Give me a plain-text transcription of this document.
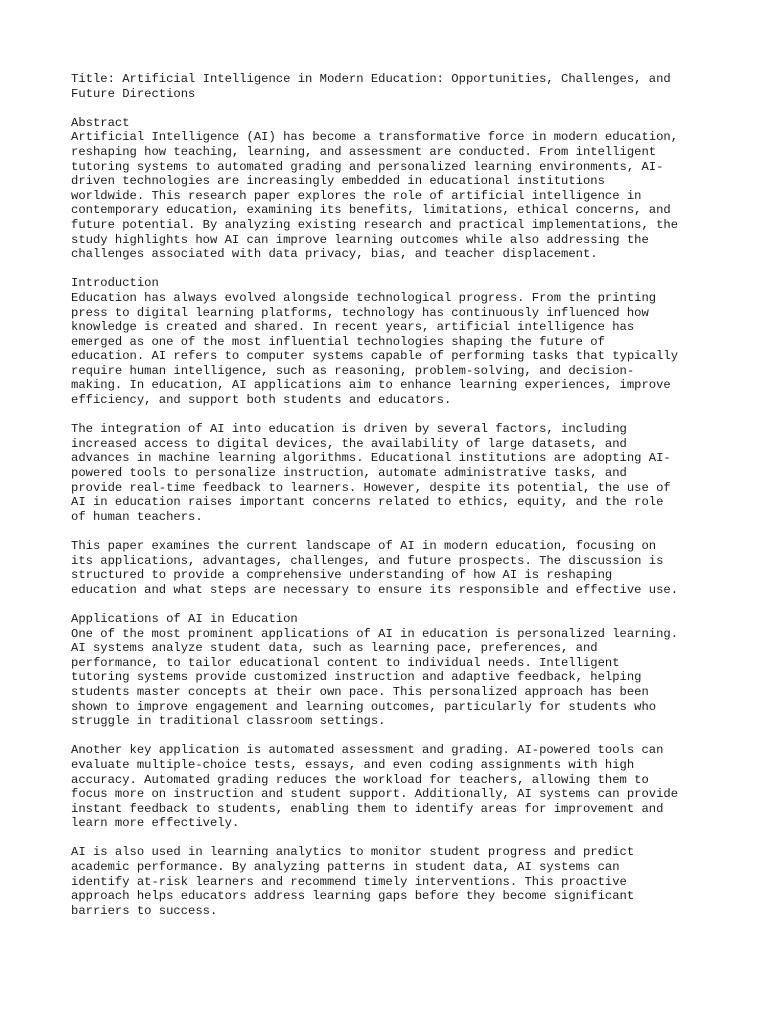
Title: Artificial Intelligence in Modern Education: Opportunities, Challenges, and
Future Directions
Abstract
Artificial Intelligence (AI) has become a transformative force in modern education,
reshaping how teaching, learning, and assessment are conducted. From intelligent
tutoring systems to automated grading and personalized learning environments, AI-
driven technologies are increasingly embedded in educational institutions
worldwide. This research paper explores the role of artificial intelligence in
contemporary education, examining its benefits, limitations, ethical concerns, and
future potential. By analyzing existing research and practical implementations, the
study highlights how AI can improve learning outcomes while also addressing the
challenges associated with data privacy, bias, and teacher displacement.
Introduction
Education has always evolved alongside technological progress. From the printing
press to digital learning platforms, technology has continuously influenced how
knowledge is created and shared. In recent years, artificial intelligence has
emerged as one of the most influential technologies shaping the future of
education. AI refers to computer systems capable of performing tasks that typically
require human intelligence, such as reasoning, problem-solving, and decision-
making. In education, AI applications aim to enhance learning experiences, improve
efficiency, and support both students and educators.
The integration of AI into education is driven by several factors, including
increased access to digital devices, the availability of large datasets, and
advances in machine learning algorithms. Educational institutions are adopting AI-
powered tools to personalize instruction, automate administrative tasks, and
provide real-time feedback to learners. However, despite its potential, the use of
AI in education raises important concerns related to ethics, equity, and the role
of human teachers.
This paper examines the current landscape of AI in modern education, focusing on
its applications, advantages, challenges, and future prospects. The discussion is
structured to provide a comprehensive understanding of how AI is reshaping
education and what steps are necessary to ensure its responsible and effective use.
Applications of AI in Education
One of the most prominent applications of AI in education is personalized learning.
AI systems analyze student data, such as learning pace, preferences, and
performance, to tailor educational content to individual needs. Intelligent
tutoring systems provide customized instruction and adaptive feedback, helping
students master concepts at their own pace. This personalized approach has been
shown to improve engagement and learning outcomes, particularly for students who
struggle in traditional classroom settings.
Another key application is automated assessment and grading. AI-powered tools can
evaluate multiple-choice tests, essays, and even coding assignments with high
accuracy. Automated grading reduces the workload for teachers, allowing them to
focus more on instruction and student support. Additionally, AI systems can provide
instant feedback to students, enabling them to identify areas for improvement and
learn more effectively.
AI is also used in learning analytics to monitor student progress and predict
academic performance. By analyzing patterns in student data, AI systems can
identify at-risk learners and recommend timely interventions. This proactive
approach helps educators address learning gaps before they become significant
barriers to success.
